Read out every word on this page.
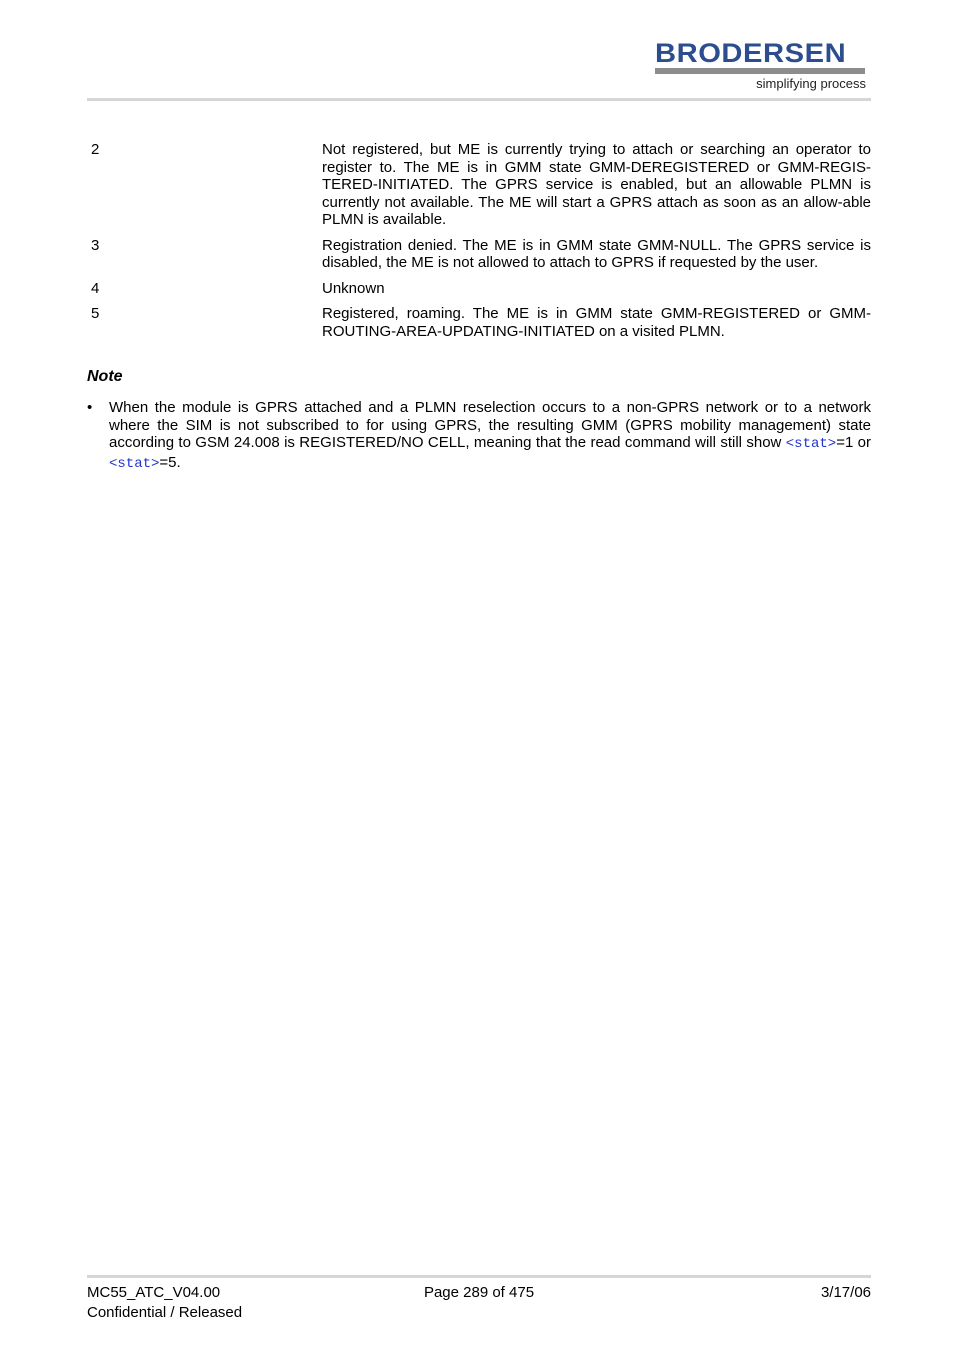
BRODERSEN
simplifying process
2	Not registered, but ME is currently trying to attach or searching an operator to register to. The ME is in GMM state GMM-DEREGISTERED or GMM-REGIS-TERED-INITIATED. The GPRS service is enabled, but an allowable PLMN is currently not available. The ME will start a GPRS attach as soon as an allow-able PLMN is available.
3	Registration denied. The ME is in GMM state GMM-NULL. The GPRS service is disabled, the ME is not allowed to attach to GPRS if requested by the user.
4	Unknown
5	Registered, roaming. The ME is in GMM state GMM-REGISTERED or GMM-ROUTING-AREA-UPDATING-INITIATED on a visited PLMN.
Note
• When the module is GPRS attached and a PLMN reselection occurs to a non-GPRS network or to a network where the SIM is not subscribed to for using GPRS, the resulting GMM (GPRS mobility management) state according to GSM 24.008 is REGISTERED/NO CELL, meaning that the read command will still show <stat>=1 or <stat>=5.
MC55_ATC_V04.00
Confidential / Released
Page 289 of 475	3/17/06
